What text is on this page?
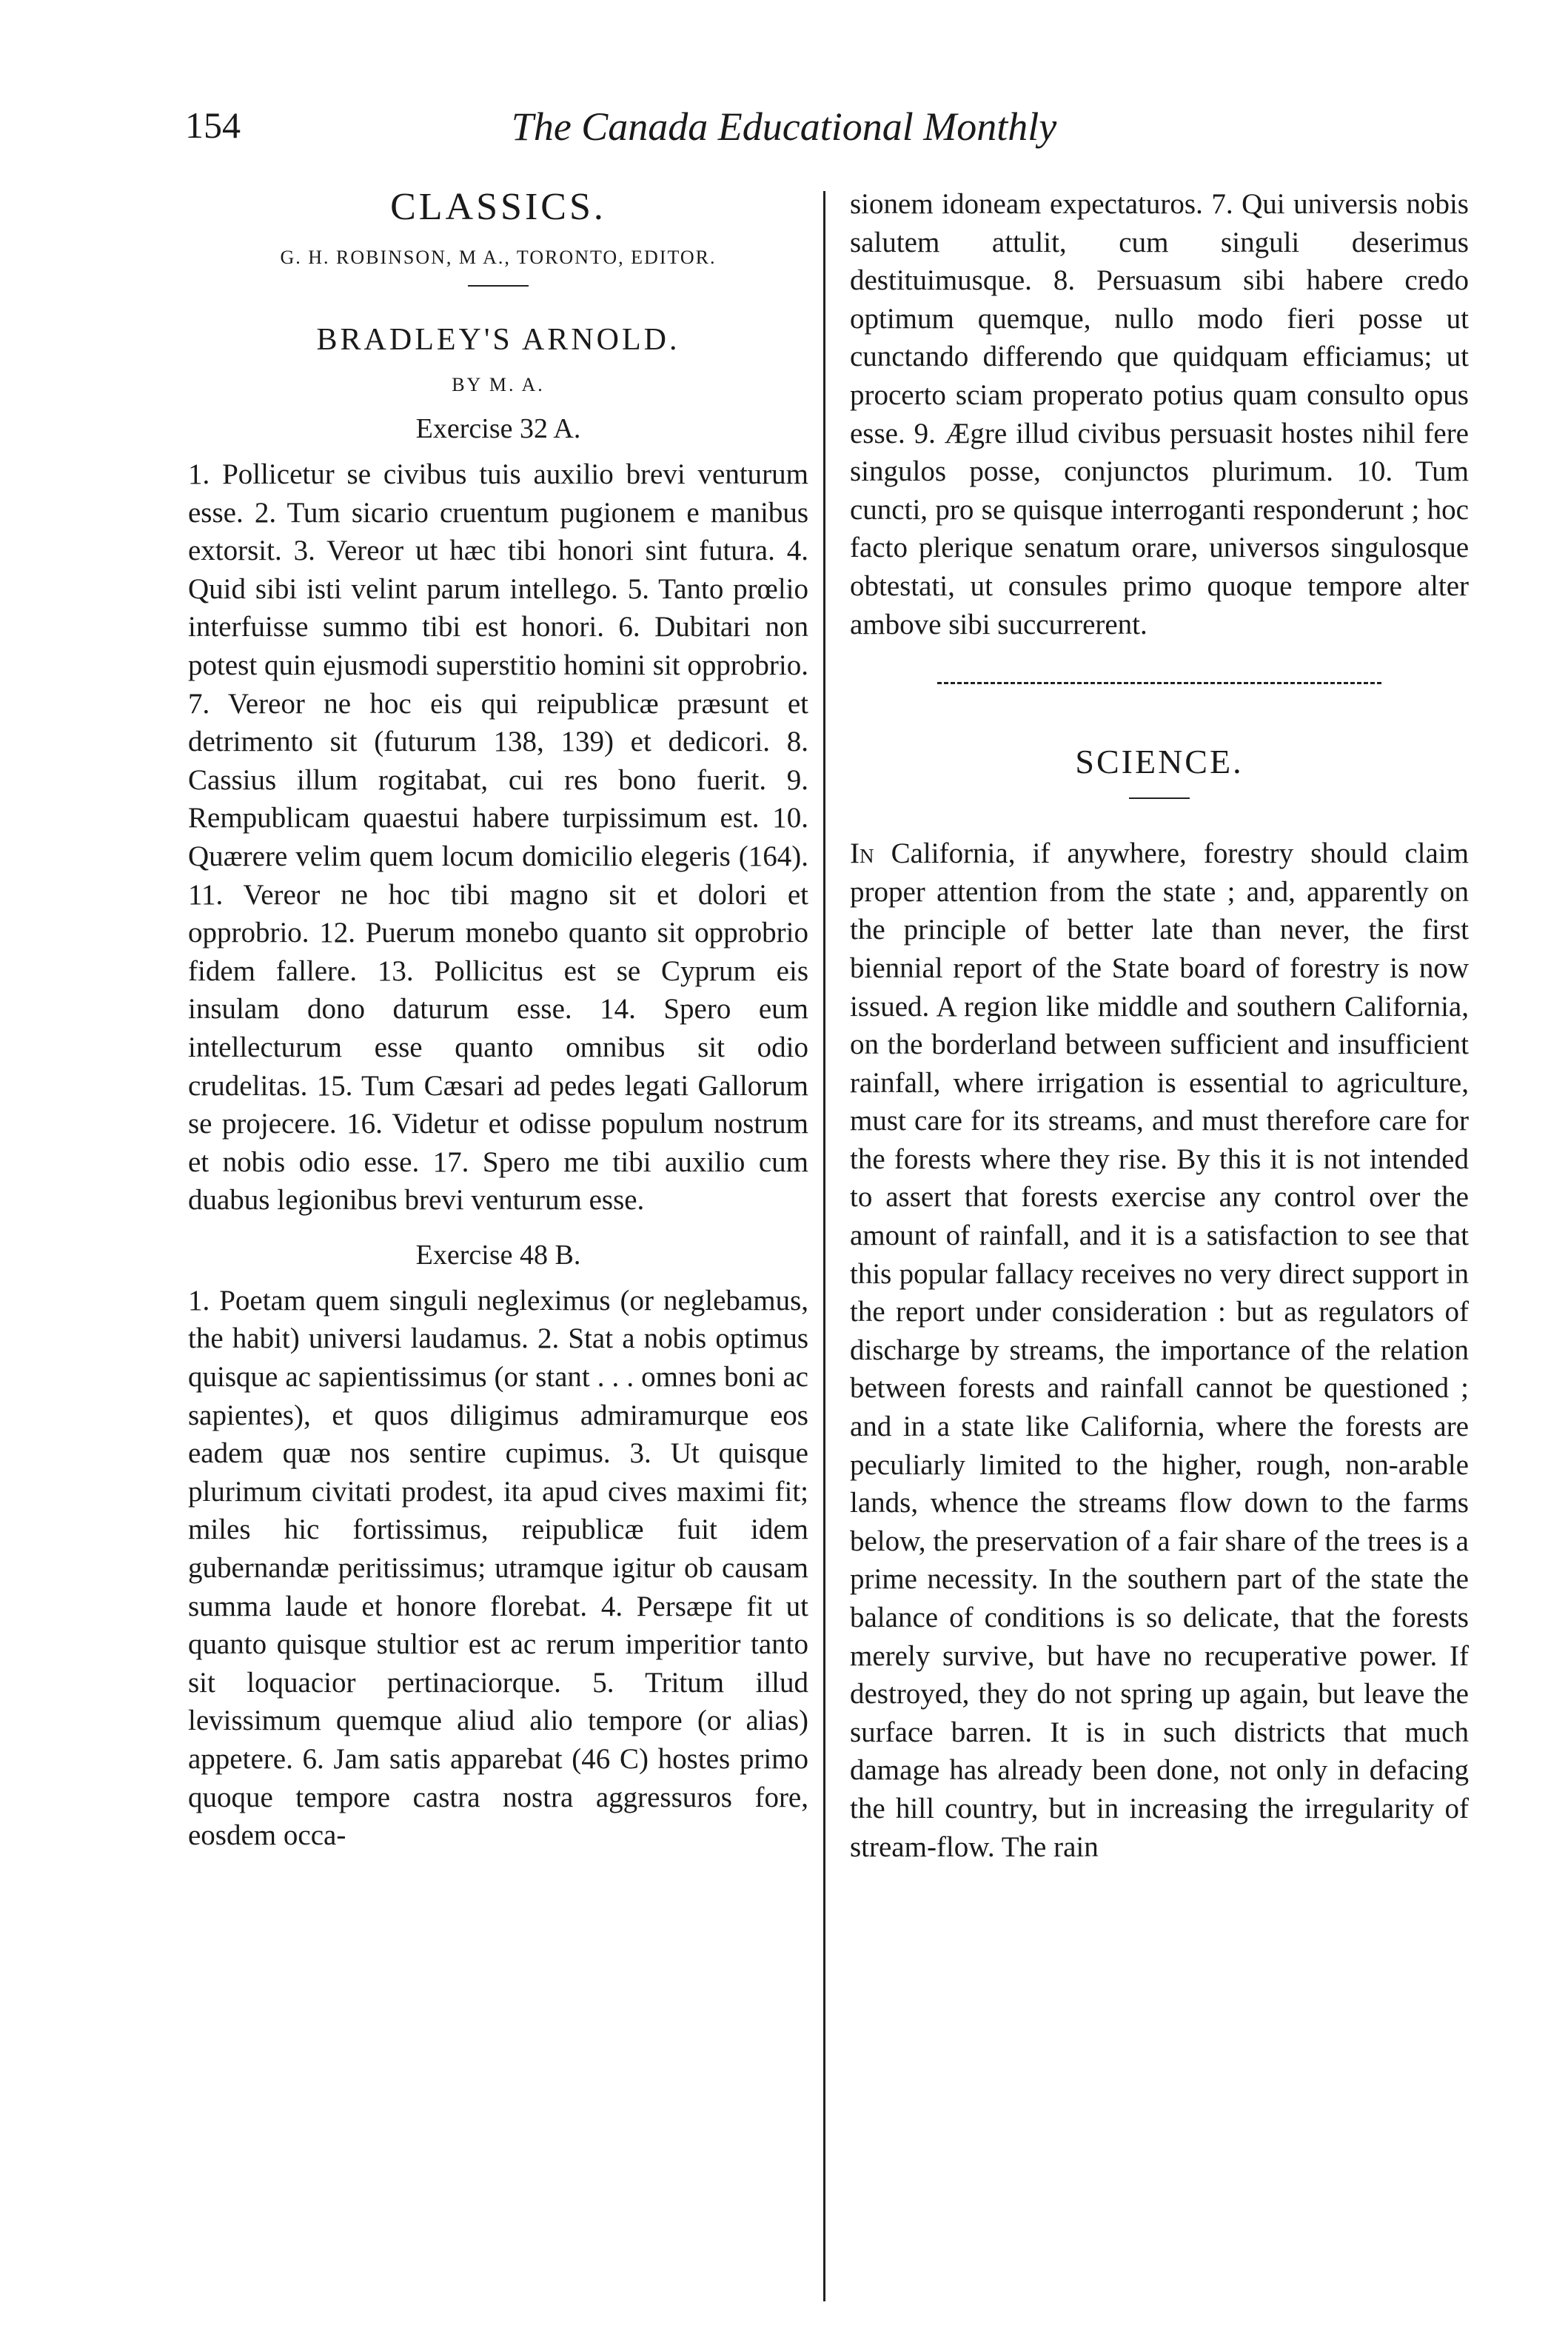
154	The Canada Educational Monthly
CLASSICS.
G. H. ROBINSON, M A., TORONTO, EDITOR.
BRADLEY'S ARNOLD.
BY M. A.
Exercise 32 A.

1. Pollicetur se civibus tuis auxilio brevi venturum esse. 2. Tum sicario cruentum pugionem e manibus extorsit. 3. Vereor ut hæc tibi honori sint futura. 4. Quid sibi isti velint parum intellego. 5. Tanto prœlio interfuisse summo tibi est honori. 6. Dubitari non potest quin ejusmodi superstitio homini sit opprobrio. 7. Vereor ne hoc eis qui reipublicæ præsunt et detrimento sit (futurum 138, 139) et dedicori. 8. Cassius illum rogitabat, cui res bono fuerit. 9. Rempublicam quaestui habere turpissimum est. 10. Quærere velim quem locum domicilio elegeris (164). 11. Vereor ne hoc tibi magno sit et dolori et opprobrio. 12. Puerum monebo quanto sit opprobrio fidem fallere. 13. Pollicitus est se Cyprum eis insulam dono daturum esse. 14. Spero eum intellecturum esse quanto omnibus sit odio crudelitas. 15. Tum Cæsari ad pedes legati Gallorum se projecere. 16. Videtur et odisse populum nostrum et nobis odio esse. 17. Spero me tibi auxilio cum duabus legionibus brevi venturum esse.

Exercise 48 B.

1. Poetam quem singuli negleximus (or neglebamus, the habit) universi laudamus. 2. Stat a nobis optimus quisque ac sapientissimus (or stant . . . omnes boni ac sapientes), et quos diligimus admiramurque eos eadem quæ nos sentire cupimus. 3. Ut quisque plurimum civitati prodest, ita apud cives maximi fit; miles hic fortissimus, reipublicæ fuit idem gubernandæ peritissimus; utramque igitur ob causam summa laude et honore florebat. 4. Persæpe fit ut quanto quisque stultior est ac rerum imperitior tanto sit loquacior pertinaciorque. 5. Tritum illud levissimum quemque aliud alio tempore (or alias) appetere. 6. Jam satis apparebat (46 C) hostes primo quoque tempore castra nostra aggressuros fore, eosdem occa-

sionem idoneam expectaturos. 7. Qui universis nobis salutem attulit, cum singuli deserimus destituimusque. 8. Persuasum sibi habere credo optimum quemque, nullo modo fieri posse ut cunctando differendo que quidquam efficiamus; ut procerto sciam properato potius quam consulto opus esse. 9. Ægre illud civibus persuasit hostes nihil fere singulos posse, conjunctos plurimum. 10. Tum cuncti, pro se quisque interroganti responderunt ; hoc facto plerique senatum orare, universos singulosque obtestati, ut consules primo quoque tempore alter ambove sibi succurrerent.

SCIENCE.

In California, if anywhere, forestry should claim proper attention from the state ; and, apparently on the principle of better late than never, the first biennial report of the State board of forestry is now issued. A region like middle and southern California, on the borderland between sufficient and insufficient rainfall, where irrigation is essential to agriculture, must care for its streams, and must therefore care for the forests where they rise. By this it is not intended to assert that forests exercise any control over the amount of rainfall, and it is a satisfaction to see that this popular fallacy receives no very direct support in the report under consideration : but as regulators of discharge by streams, the importance of the relation between forests and rainfall cannot be questioned ; and in a state like California, where the forests are peculiarly limited to the higher, rough, non-arable lands, whence the streams flow down to the farms below, the preservation of a fair share of the trees is a prime necessity. In the southern part of the state the balance of conditions is so delicate, that the forests merely survive, but have no recuperative power. If destroyed, they do not spring up again, but leave the surface barren. It is in such districts that much damage has already been done, not only in defacing the hill country, but in increasing the irregularity of stream-flow. The rain
